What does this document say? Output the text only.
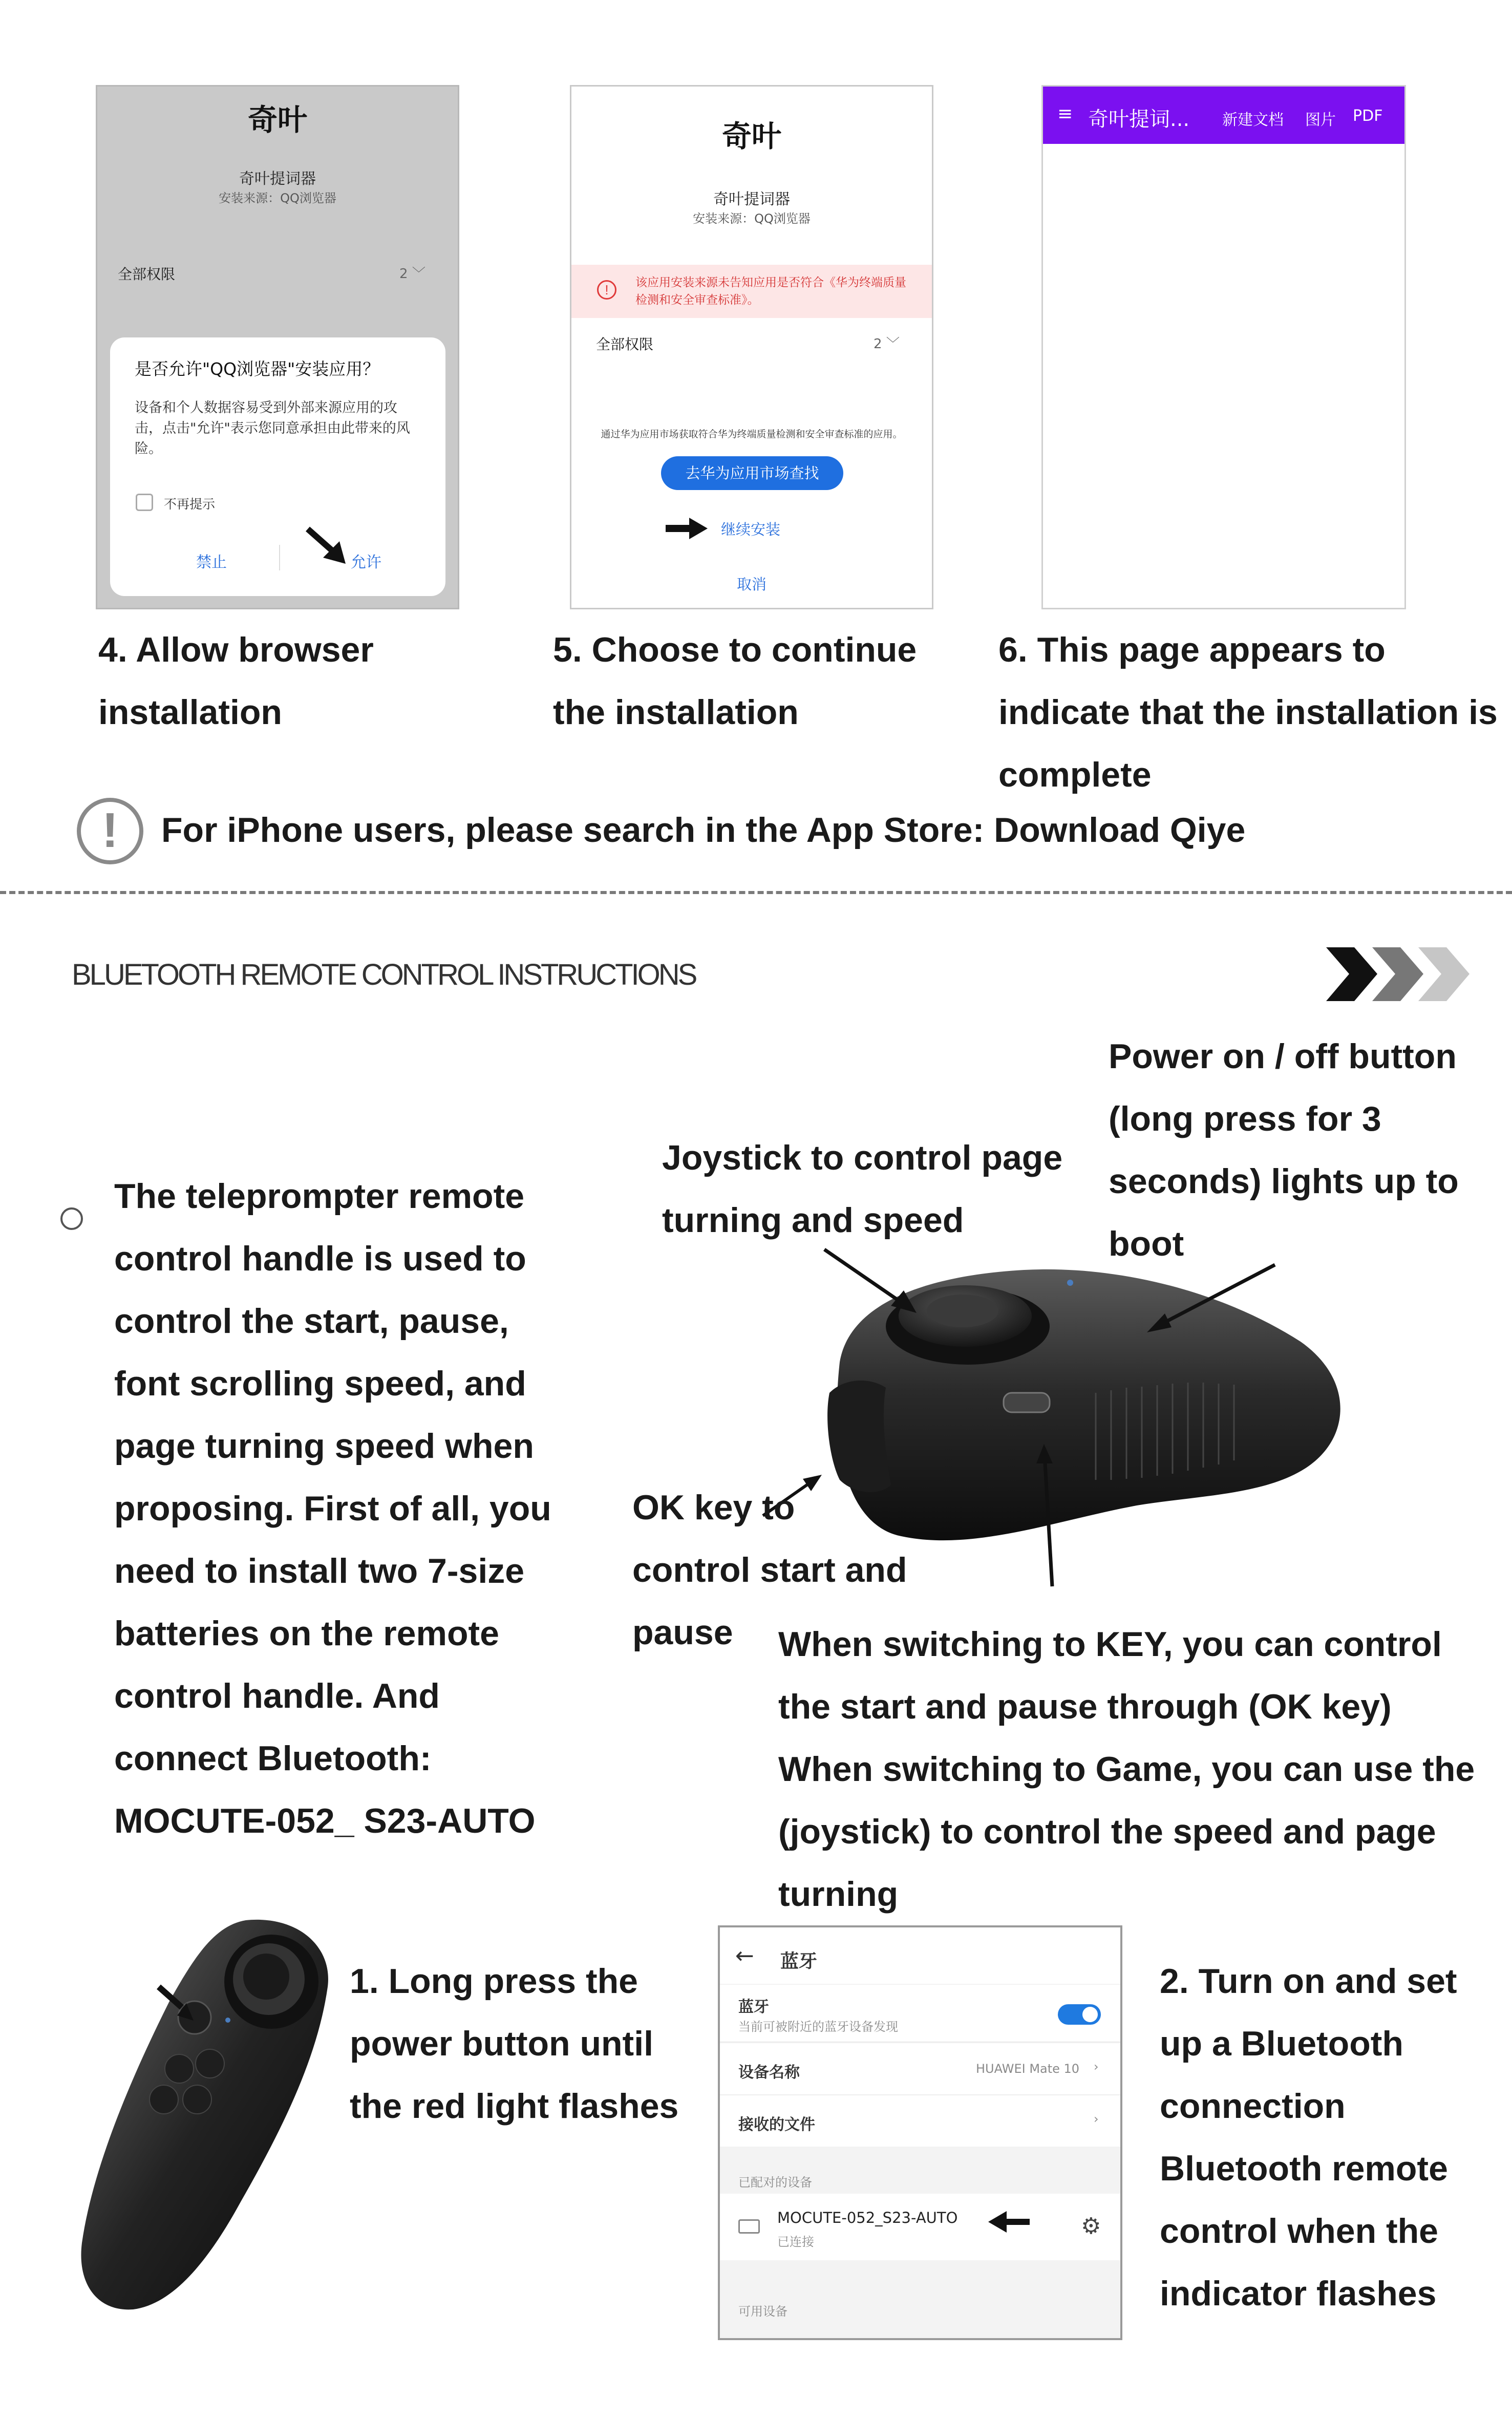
奇叶
奇叶提词器
安装来源：QQ浏览器
全部权限	2 ﹀
是否允许"QQ浏览器"安装应用？
设备和个人数据容易受到外部来源应用的攻击，点击"允许"表示您同意承担由此带来的风险。
不再提示
禁止	允许
奇叶
奇叶提词器
安装来源：QQ浏览器
!	该应用安装来源未告知应用是否符合《华为终端质量检测和安全审查标准》。
全部权限	2 ﹀
通过华为应用市场获取符合华为终端质量检测和安全审查标准的应用。
去华为应用市场查找
继续安装
取消
≡ 奇叶提词... 新建文档 图片 PDF
4. Allow browser
installation
5. Choose to continue
the installation
6. This page appears to
indicate that the installation is
complete
!	For iPhone users, please search in the App Store: Download Qiye
BLUETOOTH REMOTE CONTROL INSTRUCTIONS
The teleprompter remote
control handle is used to
control the start, pause,
font scrolling speed, and
page turning speed when
proposing. First of all, you
need to install two 7-size
batteries on the remote
control handle. And
connect Bluetooth:
MOCUTE-052_ S23-AUTO
Power on / off button
(long press for 3
seconds) lights up to
boot
Joystick to control page
turning and speed
OK key to
control start and
pause	When switching to KEY, you can control
the start and pause through (OK key)
When switching to Game, you can use the
(joystick) to control the speed and page
turning
1. Long press the
power button until
the red light flashes
← 蓝牙
蓝牙
当前可被附近的蓝牙设备发现
设备名称	HUAWEI Mate 10 ›
接收的文件	›
已配对的设备
MOCUTE-052_S23-AUTO
已连接
⚙
可用设备
2. Turn on and set
up a Bluetooth
connection
Bluetooth remote
control when the
indicator flashes
